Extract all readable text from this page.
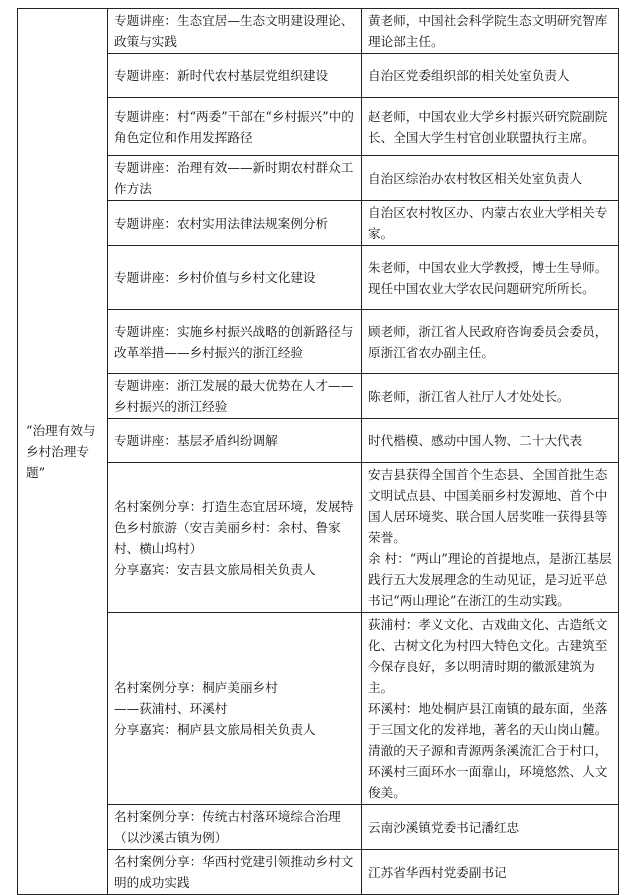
“治理有效与乡村治理专题”	专题讲座：生态宜居—生态文明建设理论、政策与实践	黄老师，中国社会科学院生态文明研究智库理论部主任。
	专题讲座：新时代农村基层党组织建设	自治区党委组织部的相关处室负责人
	专题讲座：村“两委”干部在“乡村振兴”中的角色定位和作用发挥路径	赵老师，中国农业大学乡村振兴研究院副院长、全国大学生村官创业联盟执行主席。
	专题讲座：治理有效——新时期农村群众工作方法	自治区综治办农村牧区相关处室负责人
	专题讲座：农村实用法律法规案例分析	自治区农村牧区办、内蒙古农业大学相关专家。
	专题讲座：乡村价值与乡村文化建设	朱老师，中国农业大学教授，博士生导师。现任中国农业大学农民问题研究所所长。
	专题讲座：实施乡村振兴战略的创新路径与改革举措——乡村振兴的浙江经验	顾老师，浙江省人民政府咨询委员会委员，原浙江省农办副主任。
	专题讲座：浙江发展的最大优势在人才——乡村振兴的浙江经验	陈老师，浙江省人社厅人才处处长。
	专题讲座：基层矛盾纠纷调解	时代楷模、感动中国人物、二十大代表

	名村案例分享：打造生态宜居环境，发展特色乡村旅游（安吉美丽乡村：余村、鲁家村、横山坞村）
分享嘉宾：安吉县文旅局相关负责人	安吉县获得全国首个生态县、全国首批生态文明试点县、中国美丽乡村发源地、首个中国人居环境奖、联合国人居奖唯一获得县等荣誉。
余 村：“两山”理论的首提地点，是浙江基层践行五大发展理念的生动见证，是习近平总书记“两山理论”在浙江的生动实践。

	名村案例分享：桐庐美丽乡村
——荻浦村、环溪村
分享嘉宾：桐庐县文旅局相关负责人	荻浦村：孝义文化、古戏曲文化、古造纸文化、古树文化为村四大特色文化。古建筑至今保存良好，多以明清时期的徽派建筑为主。
环溪村：地处桐庐县江南镇的最东面，坐落于三国文化的发祥地，著名的天山岗山麓。清澈的天子源和青源两条溪流汇合于村口，环溪村三面环水一面靠山，环境悠然、人文俊美。

	名村案例分享：传统古村落环境综合治理（以沙溪古镇为例）	云南沙溪镇党委书记潘红忠
	名村案例分享：华西村党建引领推动乡村文明的成功实践	江苏省华西村党委副书记
